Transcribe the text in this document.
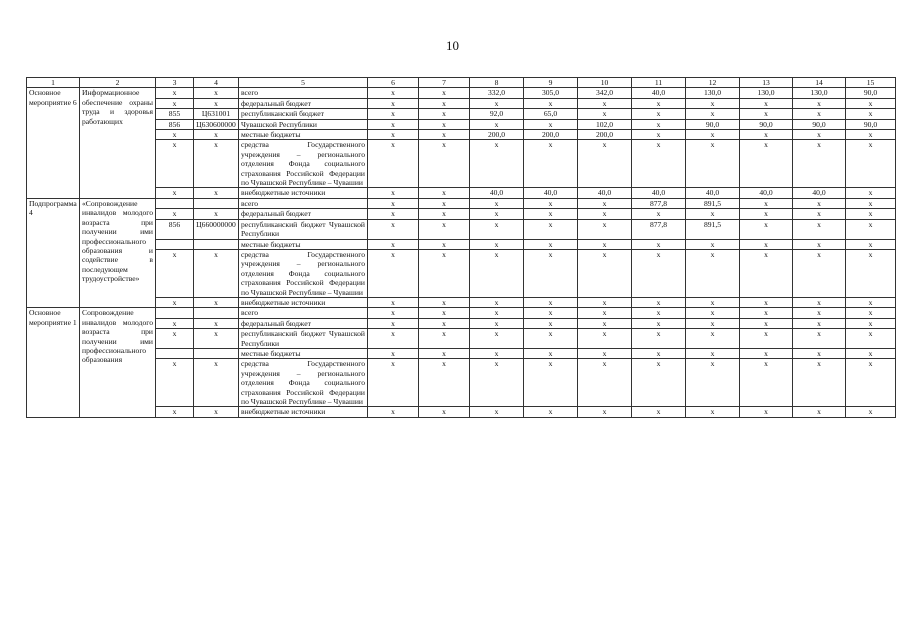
10
1	2	3	4	5	6	7	8	9	10	11	12	13	14	15
Основное мероприятие 6	Информационное обеспечение охраны труда и здоровья работающих	x	x	всего	x	x	332,0	305,0	342,0	40,0	130,0	130,0	130,0	90,0
		x	x	федеральный бюджет	x	x	x	x	x	x	x	x	x	x
		855	Ц631001	республиканский бюджет	x	x	92,0	65,0	x	x	x	x	x	x
		856	Ц630600000	Чувашской Республики	x	x	x	x	102,0	x	90,0	90,0	90,0	90,0
		x	x	местные бюджеты	x	x	200,0	200,0	200,0	x	x	x	x	x
		x	x	средства Государственного учреждения – регионального отделения Фонда социального страхования Российской Федерации по Чувашской Республике – Чувашии	x	x	x	x	x	x	x	x	x	x
		x	x	внебюджетные источники	x	x	40,0	40,0	40,0	40,0	40,0	40,0	40,0	x
Подпрограмма 4	«Сопровождение инвалидов молодого возраста при получении ими профессионального образования и содействие в последующем трудоустройстве»			всего	x	x	x	x	x	877,8	891,5	x	x	x
		x	x	федеральный бюджет	x	x	x	x	x	x	x	x	x	x
		856	Ц660000000	республиканский бюджет Чувашской Республики	x	x	x	x	x	877,8	891,5	x	x	x
				местные бюджеты	x	x	x	x	x	x	x	x	x	x
		x	x	средства Государственного учреждения – регионального отделения Фонда социального страхования Российской Федерации по Чувашской Республике – Чувашии	x	x	x	x	x	x	x	x	x	x
		x	x	внебюджетные источники	x	x	x	x	x	x	x	x	x	x
Основное мероприятие 1	Сопровождение инвалидов молодого возраста при получении ими профессионального образования			всего	x	x	x	x	x	x	x	x	x	x
		x	x	федеральный бюджет	x	x	x	x	x	x	x	x	x	x
		x	x	республиканский бюджет Чувашской Республики	x	x	x	x	x	x	x	x	x	x
				местные бюджеты	x	x	x	x	x	x	x	x	x	x
		x	x	средства Государственного учреждения – регионального отделения Фонда социального страхования Российской Федерации по Чувашской Республике – Чувашии	x	x	x	x	x	x	x	x	x	x
		x	x	внебюджетные источники	x	x	x	x	x	x	x	x	x	x
